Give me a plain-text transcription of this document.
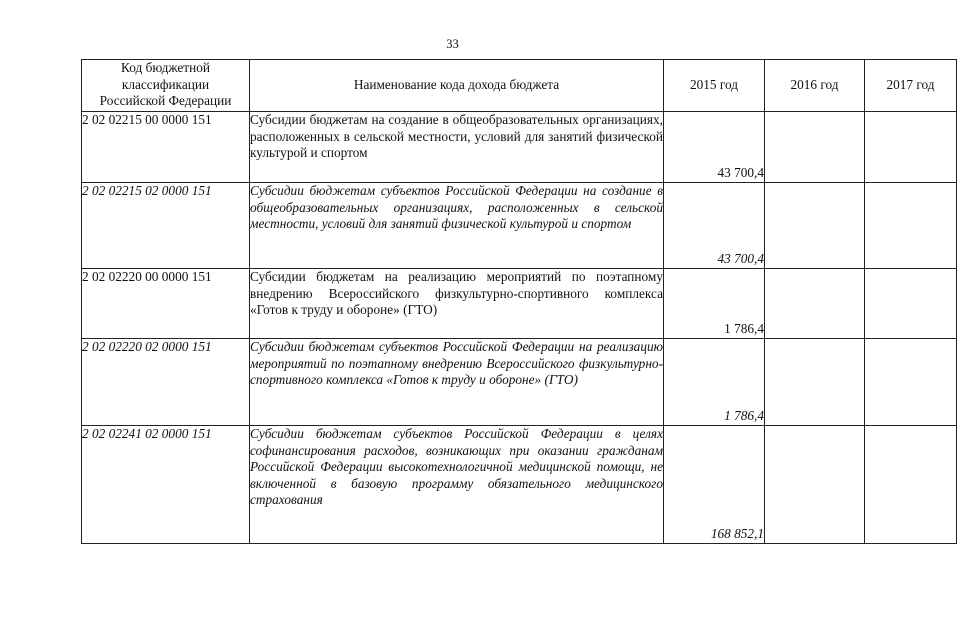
33
Код бюджетной
классификации
Российской Федерации	Наименование кода дохода бюджета	2015 год	2016 год	2017 год
2 02 02215 00 0000 151	Субсидии бюджетам на создание в общеобразовательных организациях, расположенных в сельской местности, условий для занятий физической культурой и спортом	43 700,4		
2 02 02215 02 0000 151	Субсидии бюджетам субъектов Российской Федерации на создание в общеобразовательных организациях, расположенных в сельской местности, условий для занятий физической культурой и спортом	43 700,4		
2 02 02220 00 0000 151	Субсидии бюджетам на реализацию мероприятий по поэтапному внедрению Всероссийского физкультурно-спортивного комплекса «Готов к труду и обороне» (ГТО)	1 786,4		
2 02 02220 02 0000 151	Субсидии бюджетам субъектов Российской Федерации на реализацию мероприятий по поэтапному внедрению Всероссийского физкультурно-спортивного комплекса «Готов к труду и обороне» (ГТО)	1 786,4		
2 02 02241 02 0000 151	Субсидии бюджетам субъектов Российской Федерации в целях софинансирования расходов, возникающих при оказании гражданам Российской Федерации высокотехнологичной медицинской помощи, не включенной в базовую программу обязательного медицинского страхования	168 852,1		
